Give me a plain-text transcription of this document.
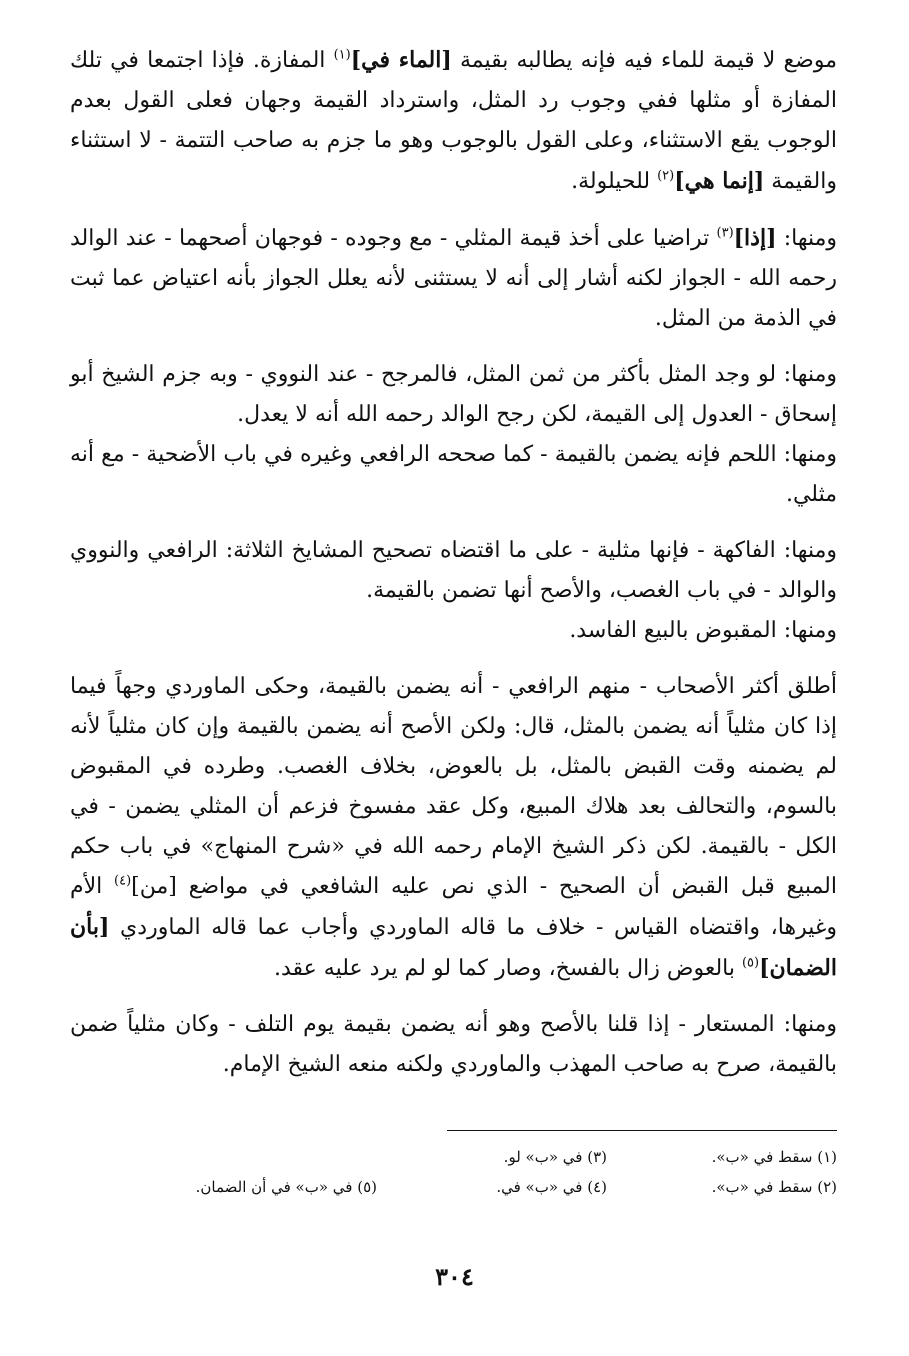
موضع لا قيمة للماء فيه فإنه يطالبه بقيمة [الماء في]$^{(١)}$ المفازة. فإذا اجتمعا في تلك المفازة أو مثلها ففي وجوب رد المثل، واسترداد القيمة وجهان فعلى القول بعدم الوجوب يقع الاستثناء، وعلى القول بالوجوب وهو ما جزم به صاحب التتمة - لا استثناء والقيمة [إنما هي]$^{(٢)}$ للحيلولة.

ومنها: [إذا]$^{(٣)}$ تراضيا على أخذ قيمة المثلي - مع وجوده - فوجهان أصحهما - عند الوالد رحمه الله - الجواز لكنه أشار إلى أنه لا يستثنى لأنه يعلل الجواز بأنه اعتياض عما ثبت في الذمة من المثل.

ومنها: لو وجد المثل بأكثر من ثمن المثل، فالمرجح - عند النووي - وبه جزم الشيخ أبو إسحاق - العدول إلى القيمة، لكن رجح الوالد رحمه الله أنه لا يعدل.

ومنها: اللحم فإنه يضمن بالقيمة - كما صححه الرافعي وغيره في باب الأضحية - مع أنه مثلي.

ومنها: الفاكهة - فإنها مثلية - على ما اقتضاه تصحيح المشايخ الثلاثة: الرافعي والنووي والوالد - في باب الغصب، والأصح أنها تضمن بالقيمة.

ومنها: المقبوض بالبيع الفاسد.

أطلق أكثر الأصحاب - منهم الرافعي - أنه يضمن بالقيمة، وحكى الماوردي وجهاً فيما إذا كان مثلياً أنه يضمن بالمثل، قال: ولكن الأصح أنه يضمن بالقيمة وإن كان مثلياً لأنه لم يضمنه وقت القبض بالمثل، بل بالعوض، بخلاف الغصب. وطرده في المقبوض بالسوم، والتحالف بعد هلاك المبيع، وكل عقد مفسوخ فزعم أن المثلي يضمن - في الكل - بالقيمة. لكن ذكر الشيخ الإمام رحمه الله في «شرح المنهاج» في باب حكم المبيع قبل القبض أن الصحيح - الذي نص عليه الشافعي في مواضع [من]$^{(٤)}$ الأم وغيرها، واقتضاه القياس - خلاف ما قاله الماوردي وأجاب عما قاله الماوردي [بأن الضمان]$^{(٥)}$ بالعوض زال بالفسخ، وصار كما لو لم يرد عليه عقد.

ومنها: المستعار - إذا قلنا بالأصح وهو أنه يضمن بقيمة يوم التلف - وكان مثلياً ضمن بالقيمة، صرح به صاحب المهذب والماوردي ولكنه منعه الشيخ الإمام.

(١) سقط في «ب».
(٣) في «ب» لو.
(٢) سقط في «ب».
(٤) في «ب» في.
(٥) في «ب» في أن الضمان.
٣٠٤
